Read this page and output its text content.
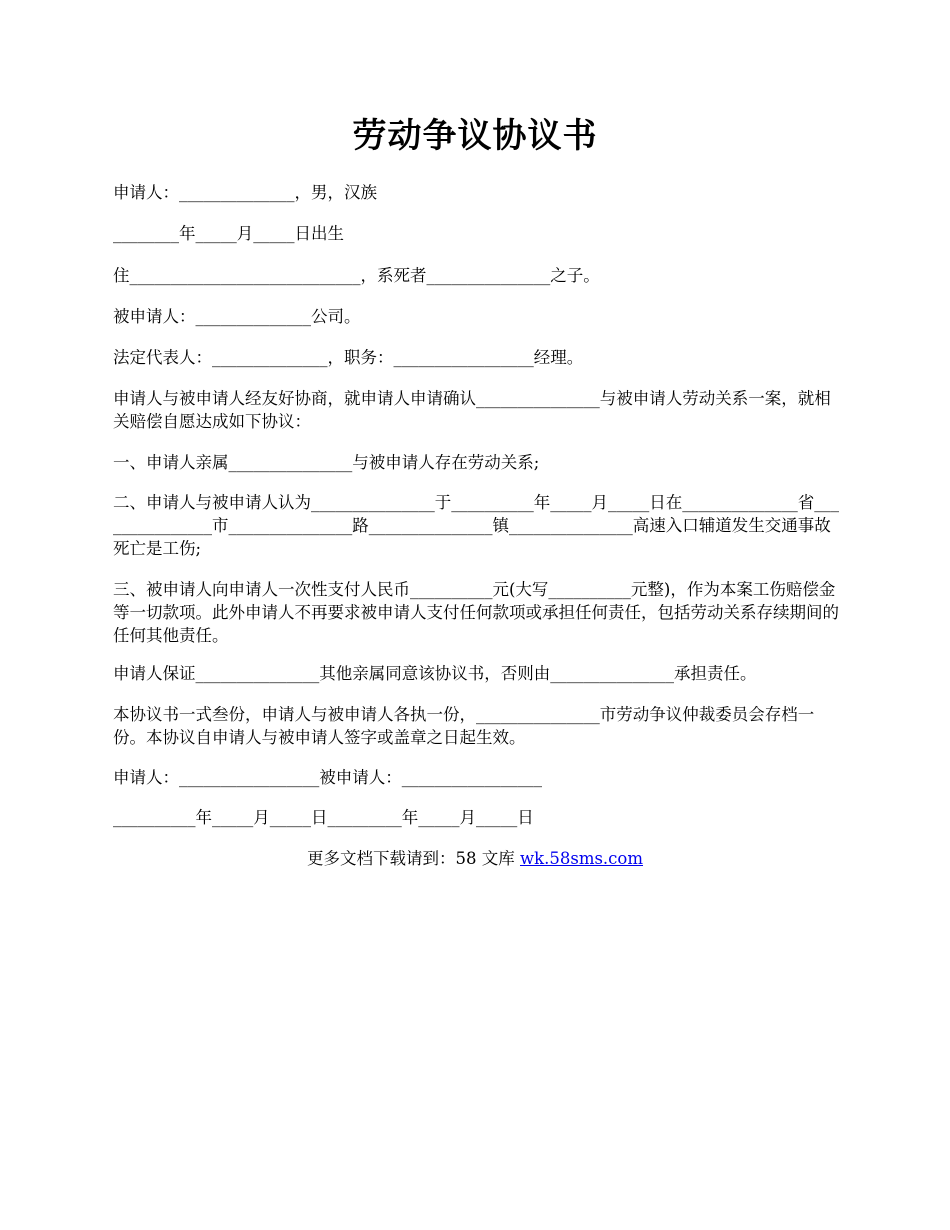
劳动争议协议书
申请人：______________，男，汉族
________年_____月_____日出生
住____________________________，系死者_______________之子。
被申请人：______________公司。
法定代表人：______________，职务：_________________经理。
申请人与被申请人经友好协商，就申请人申请确认_______________与被申请人劳动关系一案，就相关赔偿自愿达成如下协议：
一、申请人亲属_______________与被申请人存在劳动关系;
二、申请人与被申请人认为_______________于__________年_____月_____日在______________省_______________市_______________路_______________镇_______________高速入口辅道发生交通事故死亡是工伤;
三、被申请人向申请人一次性支付人民币__________元(大写__________元整)，作为本案工伤赔偿金等一切款项。此外申请人不再要求被申请人支付任何款项或承担任何责任，包括劳动关系存续期间的任何其他责任。
申请人保证_______________其他亲属同意该协议书，否则由_______________承担责任。
本协议书一式叁份，申请人与被申请人各执一份，_______________市劳动争议仲裁委员会存档一份。本协议自申请人与被申请人签字或盖章之日起生效。
申请人：_________________被申请人：_________________
__________年_____月_____日_________年_____月_____日
更多文档下载请到：58 文库 wk.58sms.com
